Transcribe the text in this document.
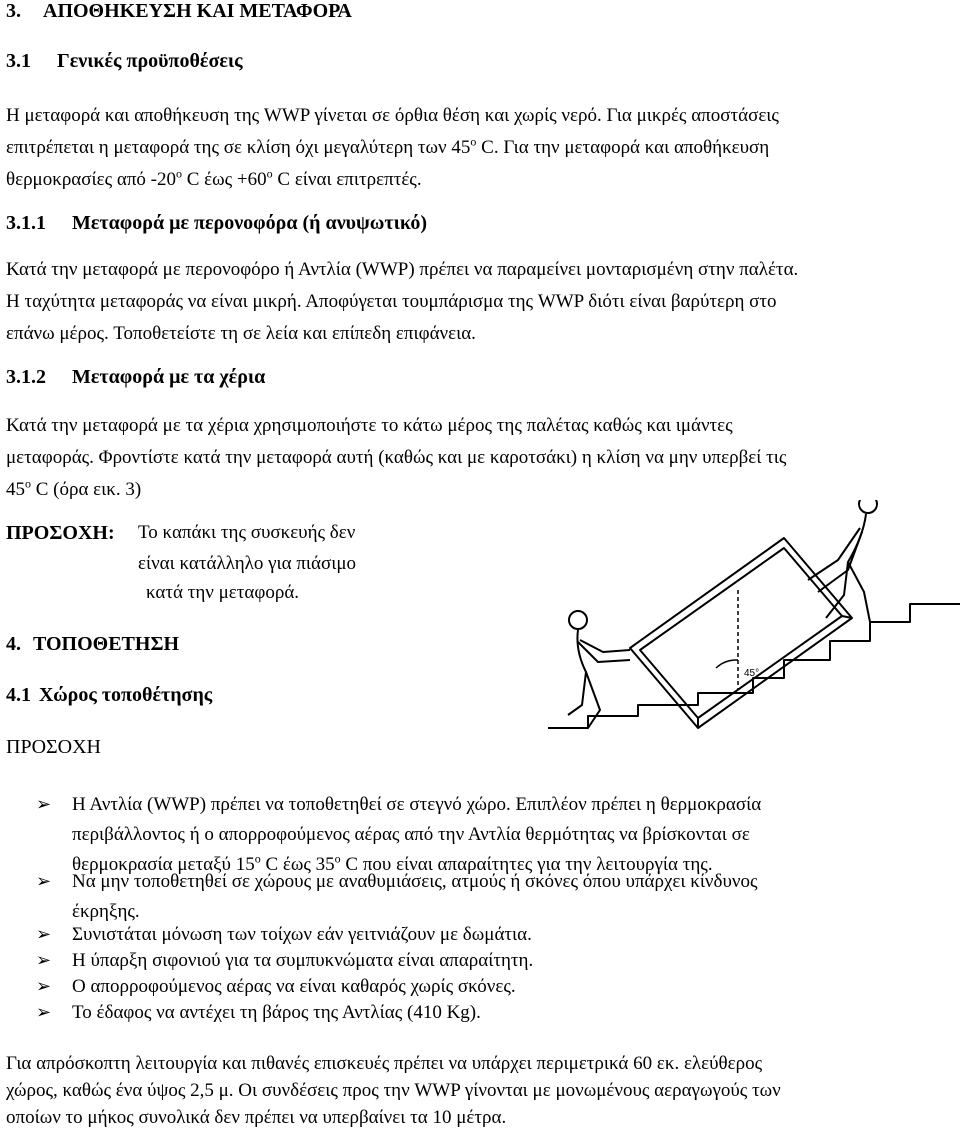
3. ΑΠΟΘΗΚΕΥΣΗ ΚΑΙ ΜΕΤΑΦΟΡΑ
3.1 Γενικές προϋποθέσεις
Η μεταφορά και αποθήκευση της WWP γίνεται σε όρθια θέση και χωρίς νερό. Για μικρές αποστάσεις
επιτρέπεται η μεταφορά της σε κλίση όχι μεγαλύτερη των $45^o$ C. Για την μεταφορά και αποθήκευση
θερμοκρασίες από $-20^o$ C $έ\omega\varsigma +60^o$ C είναι επιτρεπτές.
3.1.1 Μεταφορά με περονοφόρα (ή ανυψωτικό)
Κατά την μεταφορά με περονοφόρο ή Αντλία (WWP) πρέπει να παραμείνει μονταρισμένη στην παλέτα.
Η ταχύτητα μεταφοράς να είναι μικρή. Αποφύγεται τουμπάρισμα της WWP διότι είναι βαρύτερη στο
επάνω μέρος. Τοποθετείστε τη σε λεία και επίπεδη επιφάνεια.
3.1.2 Μεταφορά με τα χέρια
Κατά την μεταφορά με τα χέρια χρησιμοποιήστε το κάτω μέρος της παλέτας καθώς και ιμάντες
μεταφοράς. Φροντίστε κατά την μεταφορά αυτή (καθώς και με καροτσάκι) η κλίση να μην υπερβεί τις
$45^o$ C (όρα εικ. 3)
ΠΡΟΣΟΧΗ: Το καπάκι της συσκευής δεν
είναι κατάλληλο για πιάσιμο
κατά την μεταφορά.
45°
4. ΤΟΠΟΘΕΤΗΣΗ
4.1 Χώρος τοποθέτησης
ΠΡΟΣΟΧΗ
➢ Η Αντλία (WWP) πρέπει να τοποθετηθεί σε στεγνό χώρο. Επιπλέον πρέπει η θερμοκρασία
περιβάλλοντος ή ο απορροφούμενος αέρας από την Αντλία θερμότητας να βρίσκονται σε
θερμοκρασία μεταξύ $15^o$ C έως $35^o$ C που είναι απαραίτητες για την λειτουργία της.
➢ Να μην τοποθετηθεί σε χώρους με αναθυμιάσεις, ατμούς ή σκόνες όπου υπάρχει κίνδυνος
έκρηξης.
➢ Συνιστάται μόνωση των τοίχων εάν γειτνιάζουν με δωμάτια.
➢ Η ύπαρξη σιφονιού για τα συμπυκνώματα είναι απαραίτητη.
➢ Ο απορροφούμενος αέρας να είναι καθαρός χωρίς σκόνες.
➢ Το έδαφος να αντέχει τη βάρος της Αντλίας (410 Kg).
Για απρόσκοπτη λειτουργία και πιθανές επισκευές πρέπει να υπάρχει περιμετρικά 60 εκ. ελεύθερος
χώρος, καθώς ένα ύψος 2,5 μ. Οι συνδέσεις προς την WWP γίνονται με μονωμένους αεραγωγούς των
οποίων το μήκος συνολικά δεν πρέπει να υπερβαίνει τα 10 μέτρα.
